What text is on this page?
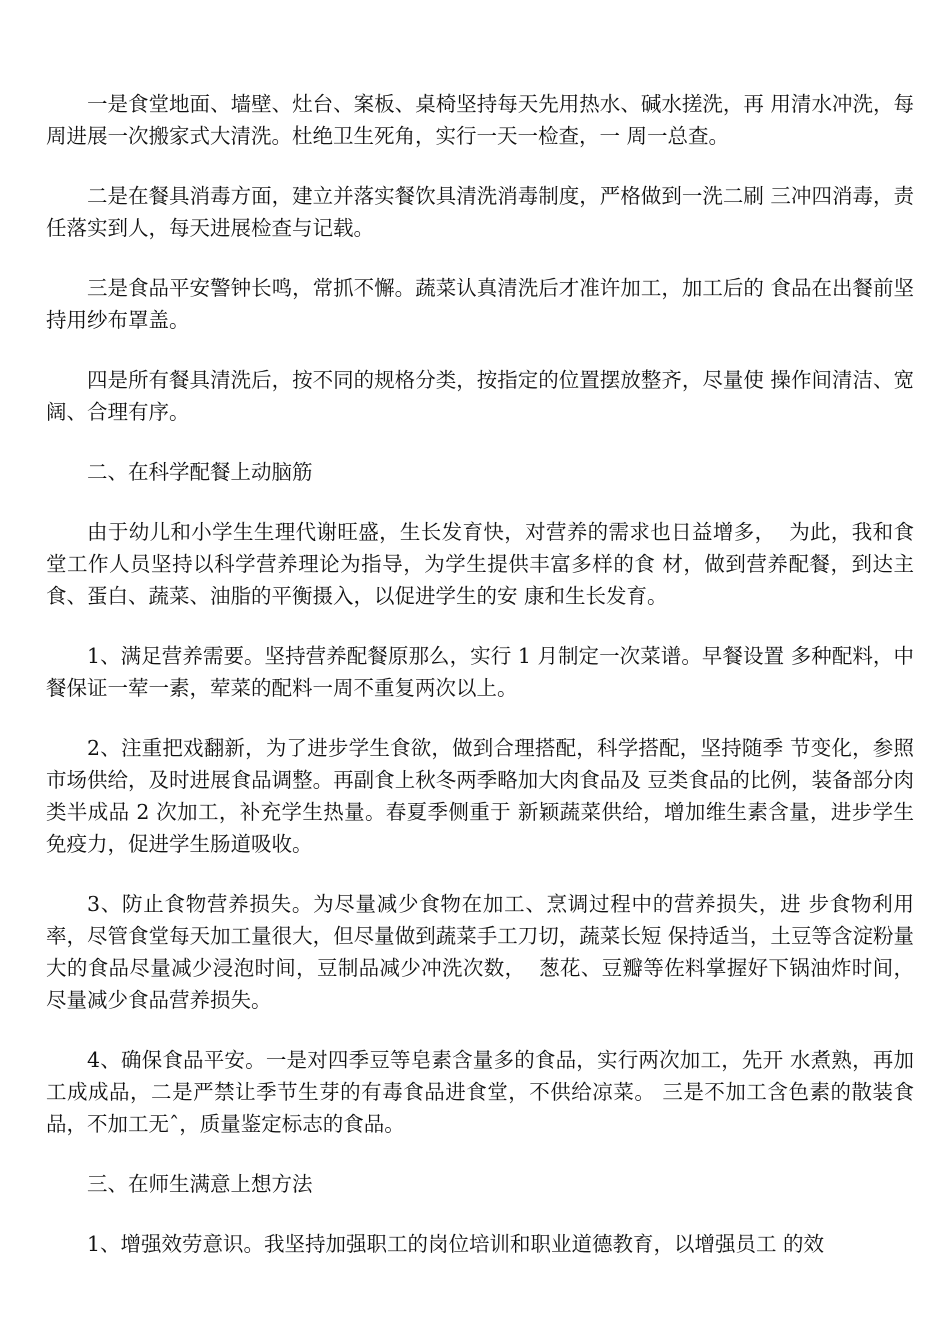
一是食堂地面、墙壁、灶台、案板、桌椅坚持每天先用热水、碱水搓洗，再 用清水冲洗，每周进展一次搬家式大清洗。杜绝卫生死角，实行一天一检查，一 周一总查。

二是在餐具消毒方面，建立并落实餐饮具清洗消毒制度，严格做到一洗二刷 三冲四消毒，责任落实到人，每天进展检查与记载。

三是食品平安警钟长鸣，常抓不懈。蔬菜认真清洗后才准许加工，加工后的 食品在出餐前坚持用纱布罩盖。

四是所有餐具清洗后，按不同的规格分类，按指定的位置摆放整齐，尽量使 操作间清洁、宽阔、合理有序。

二、在科学配餐上动脑筋

由于幼儿和小学生生理代谢旺盛，生长发育快，对营养的需求也日益增多，  为此，我和食堂工作人员坚持以科学营养理论为指导，为学生提供丰富多样的食 材，做到营养配餐，到达主食、蛋白、蔬菜、油脂的平衡摄入，以促进学生的安 康和生长发育。

1、满足营养需要。坚持营养配餐原那么，实行 1 月制定一次菜谱。早餐设置 多种配料，中餐保证一荤一素，荤菜的配料一周不重复两次以上。

2、注重把戏翻新，为了进步学生食欲，做到合理搭配，科学搭配，坚持随季 节变化，参照市场供给，及时进展食品调整。再副食上秋冬两季略加大肉食品及 豆类食品的比例，装备部分肉类半成品 2 次加工，补充学生热量。春夏季侧重于 新颖蔬菜供给，增加维生素含量，进步学生免疫力，促进学生肠道吸收。

3、防止食物营养损失。为尽量减少食物在加工、烹调过程中的营养损失，进 步食物利用率，尽管食堂每天加工量很大，但尽量做到蔬菜手工刀切，蔬菜长短 保持适当，土豆等含淀粉量大的食品尽量减少浸泡时间，豆制品减少冲洗次数，  葱花、豆瓣等佐料掌握好下锅油炸时间，尽量减少食品营养损失。

4、确保食品平安。一是对四季豆等皂素含量多的食品，实行两次加工，先开 水煮熟，再加工成成品，二是严禁让季节生芽的有毒食品进食堂，不供给凉菜。 三是不加工含色素的散装食品，不加工无ˆ，质量鉴定标志的食品。

三、在师生满意上想方法

1、增强效劳意识。我坚持加强职工的岗位培训和职业道德教育，以增强员工 的效
